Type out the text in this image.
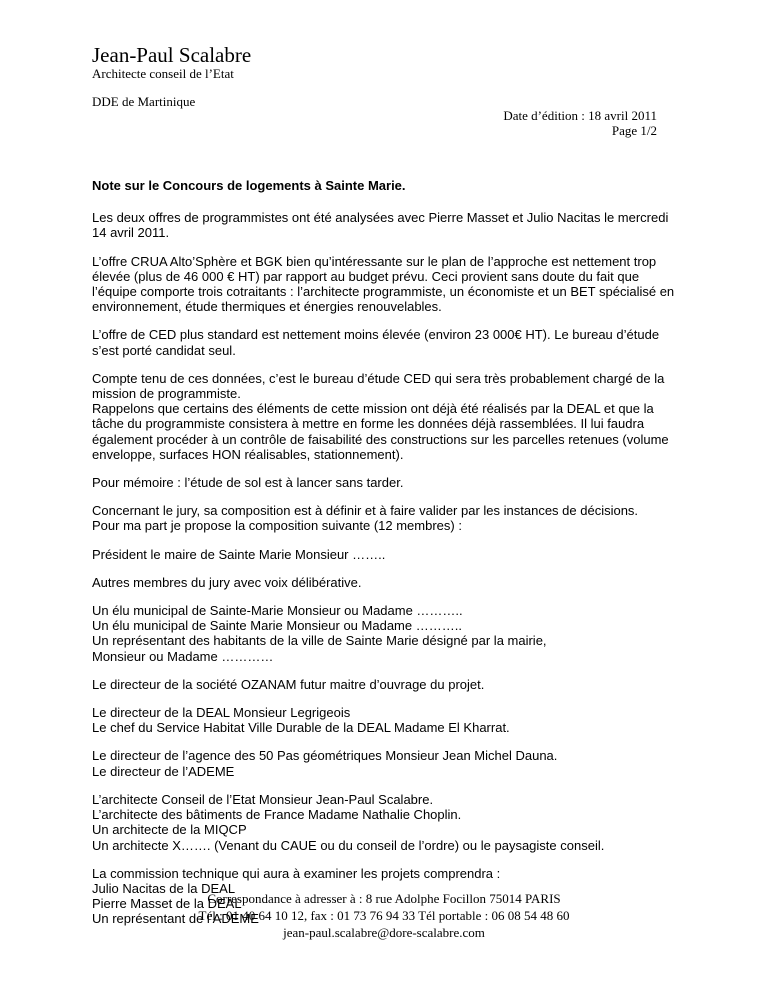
Jean-Paul Scalabre
Architecte conseil de l’Etat
DDE de Martinique
Date d’édition : 18 avril 2011
Page 1/2

Note sur le Concours de logements à Sainte Marie.

Les deux offres de programmistes ont été analysées avec Pierre Masset et Julio Nacitas le mercredi
14 avril 2011.

L’offre CRUA Alto’Sphère et BGK bien qu’intéressante sur le plan de l’approche est nettement trop
élevée (plus de 46 000 € HT) par rapport au budget prévu. Ceci provient sans doute du fait que
l’équipe comporte trois cotraitants : l’architecte programmiste, un économiste et un BET spécialisé en
environnement, étude thermiques et énergies renouvelables.

L’offre de CED plus standard est nettement moins élevée (environ 23 000€ HT). Le bureau d’étude
s’est porté candidat seul.

Compte tenu de ces données, c’est le bureau d’étude CED qui sera très probablement chargé de la
mission de programmiste.
Rappelons que certains des éléments de cette mission ont déjà été réalisés par la DEAL et que la
tâche du programmiste consistera à mettre en forme les données déjà rassemblées. Il lui faudra
également procéder à un contrôle de faisabilité des constructions sur les parcelles retenues (volume
enveloppe, surfaces HON réalisables, stationnement).

Pour mémoire : l’étude de sol est à lancer sans tarder.

Concernant le jury, sa composition est à définir et à faire valider par les instances de décisions.
Pour ma part je propose la composition suivante (12 membres) :

Président le maire de Sainte Marie Monsieur ……..

Autres membres du jury avec voix délibérative.

Un élu municipal de Sainte-Marie Monsieur ou Madame ………..
Un élu municipal de Sainte Marie Monsieur ou Madame ………..
Un représentant des habitants de la ville de Sainte Marie désigné par la mairie,
Monsieur ou Madame …………

Le directeur de la société OZANAM futur maitre d’ouvrage du projet.

Le directeur de la DEAL Monsieur Legrigeois
Le chef du Service Habitat Ville Durable de la DEAL Madame El Kharrat.

Le directeur de l’agence des 50 Pas géométriques Monsieur Jean Michel Dauna.
Le directeur de l’ADEME

L’architecte Conseil de l’Etat Monsieur Jean-Paul Scalabre.
L’architecte des bâtiments de France Madame Nathalie Choplin.
Un architecte de la MIQCP
Un architecte X……. (Venant du CAUE ou du conseil de l’ordre) ou le paysagiste conseil.

La commission technique qui aura à examiner les projets comprendra :
Julio Nacitas de la DEAL
Pierre Masset de la DEAL
Un représentant de l’ADEME

Correspondance à adresser à : 8 rue Adolphe Focillon 75014 PARIS
Tél : 01 40 64 10 12, fax : 01 73 76 94 33 Tél portable : 06 08 54 48 60
jean-paul.scalabre@dore-scalabre.com
